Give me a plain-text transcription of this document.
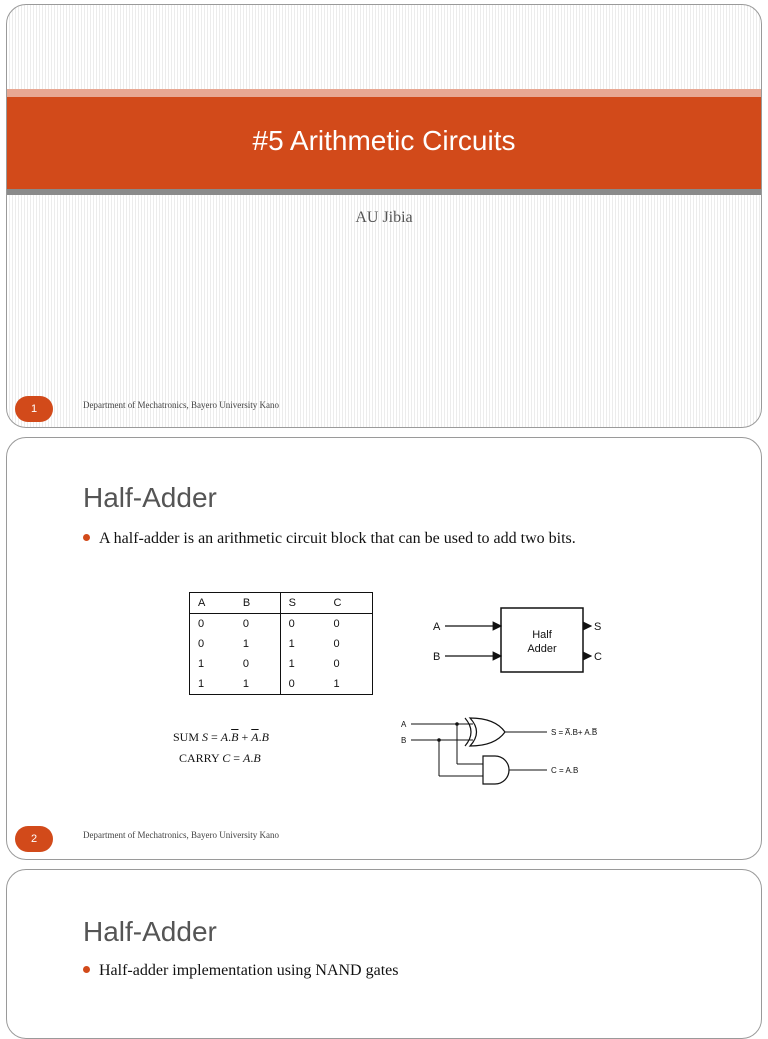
#5 Arithmetic Circuits
AU Jibia
1	Department of Mechatronics, Bayero University Kano
Half-Adder
A half-adder is an arithmetic circuit block that can be used to add two bits.
A	B	S	C
0	0	0	0
0	1	1	0
1	0	1	0
1	1	0	1
Half
Adder
A
B
S
C
SUM $S = A.\overline{B} + \overline{A}.B$
CARRY C = A.B
A
B
S = A̅.B+ A.B̅
C = A.B
2	Department of Mechatronics, Bayero University Kano
Half-Adder
Half-adder implementation using NAND gates
